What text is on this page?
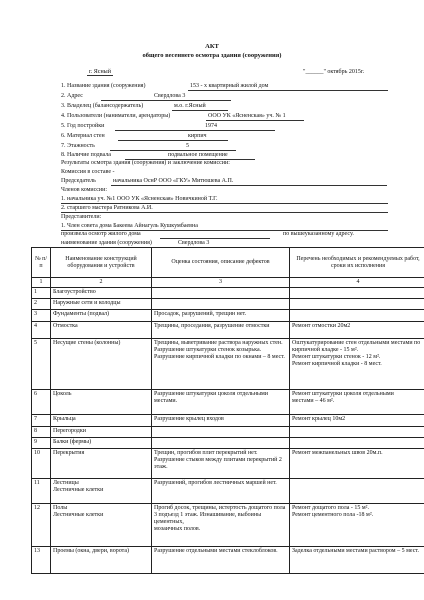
АКТ
общего весеннего осмотра здания (сооружения)
г. Ясный	"______" октябрь 2015г.
1. Название здания (сооружения)	153 - х квартирный жилой дом
2. Адрес	Свердлова 3
3. Владелец (балансодержатель)	м.о. г.Ясный
4. Пользователи (наниматели, арендаторы)	ООО УК «Ясненская» уч. № 1
5. Год постройки	1974
6. Материал стен	кирпич
7. Этажность	5
8. Наличие подвала	подвальное помещение
Результаты осмотра здания (сооружения) и заключение комиссии:
Комиссия в составе -
Председатель	начальника ОснР ООО «ГКУ» Митюшева А.П.
Членов комиссии:
1. начальника уч. №1 ООО УК «Ясненская» Новичкиной Т.Г.
2. старшего мастера Ратникова А.И.
Представители:
1. Член совета дома Бакеева Айнагуль Кушкумбаевна
произвела осмотр жилого дома	по вышеуказанному адресу.
наименование здания (сооружения)	Свердлова 3
№ п/п	Наименование конструкций оборудования и устройств	Оценка состояния, описание дефектов	Перечень необходимых и рекомендуемых работ, сроки их исполнения
1	2	3	4
1	Благоустройство		

2	Наружные сети и колодцы		

3	Фундаменты (подвал)	Просадок, разрушений, трещин нет.	

4	Отмостка	Трещины, проседания, разрушение отмостки	Ремонт отмостки 20м2

5	Несущие стены (колонны)	Трещины, выветривание раствора наружных стен. Разрушение штукатурки стенок козырька.
Разрушение кирпичной кладки по окнами – 8 мест.	Оштукатурирование стен отдельными местами по кирпичной кладке - 15 м².
Ремонт штукатурки стенок - 12 м².
Ремонт кирпичной кладки - 8 мест.

6	Цоколь	Разрушение штукатурки цоколя отдельными местами.	Ремонт штукатурки цоколя отдельными
местами – 46 м².

7	Крыльца	Разрушение крылец входов	Ремонт крылец 10м2

8	Перегородки		

9	Балки (фермы)		

10	Перекрытия	Трещин, прогибов плит перекрытий нет. Разрушение стыков между плитами перекрытий 2 этаж.	Ремонт межпанельных швов 20м.п.

11	Лестницы
Лестничные клетки	Разрушений, прогибов лестничных маршей нет.	

12	Полы
Лестничные клетки	Прогиб досок, трещины, истертость дощатого пола
3 подъезд 1 этаж. Изнашивание, выбоины цементных,
мозаичных полов.	Ремонт дощатого пола - 15 м².
Ремонт цементного пола -18 м².

13	Проемы (окна, двери, ворота)	Разрушение отдельными местами стеклоблоков.	Заделка отдельными местами раствором – 5 мест.
